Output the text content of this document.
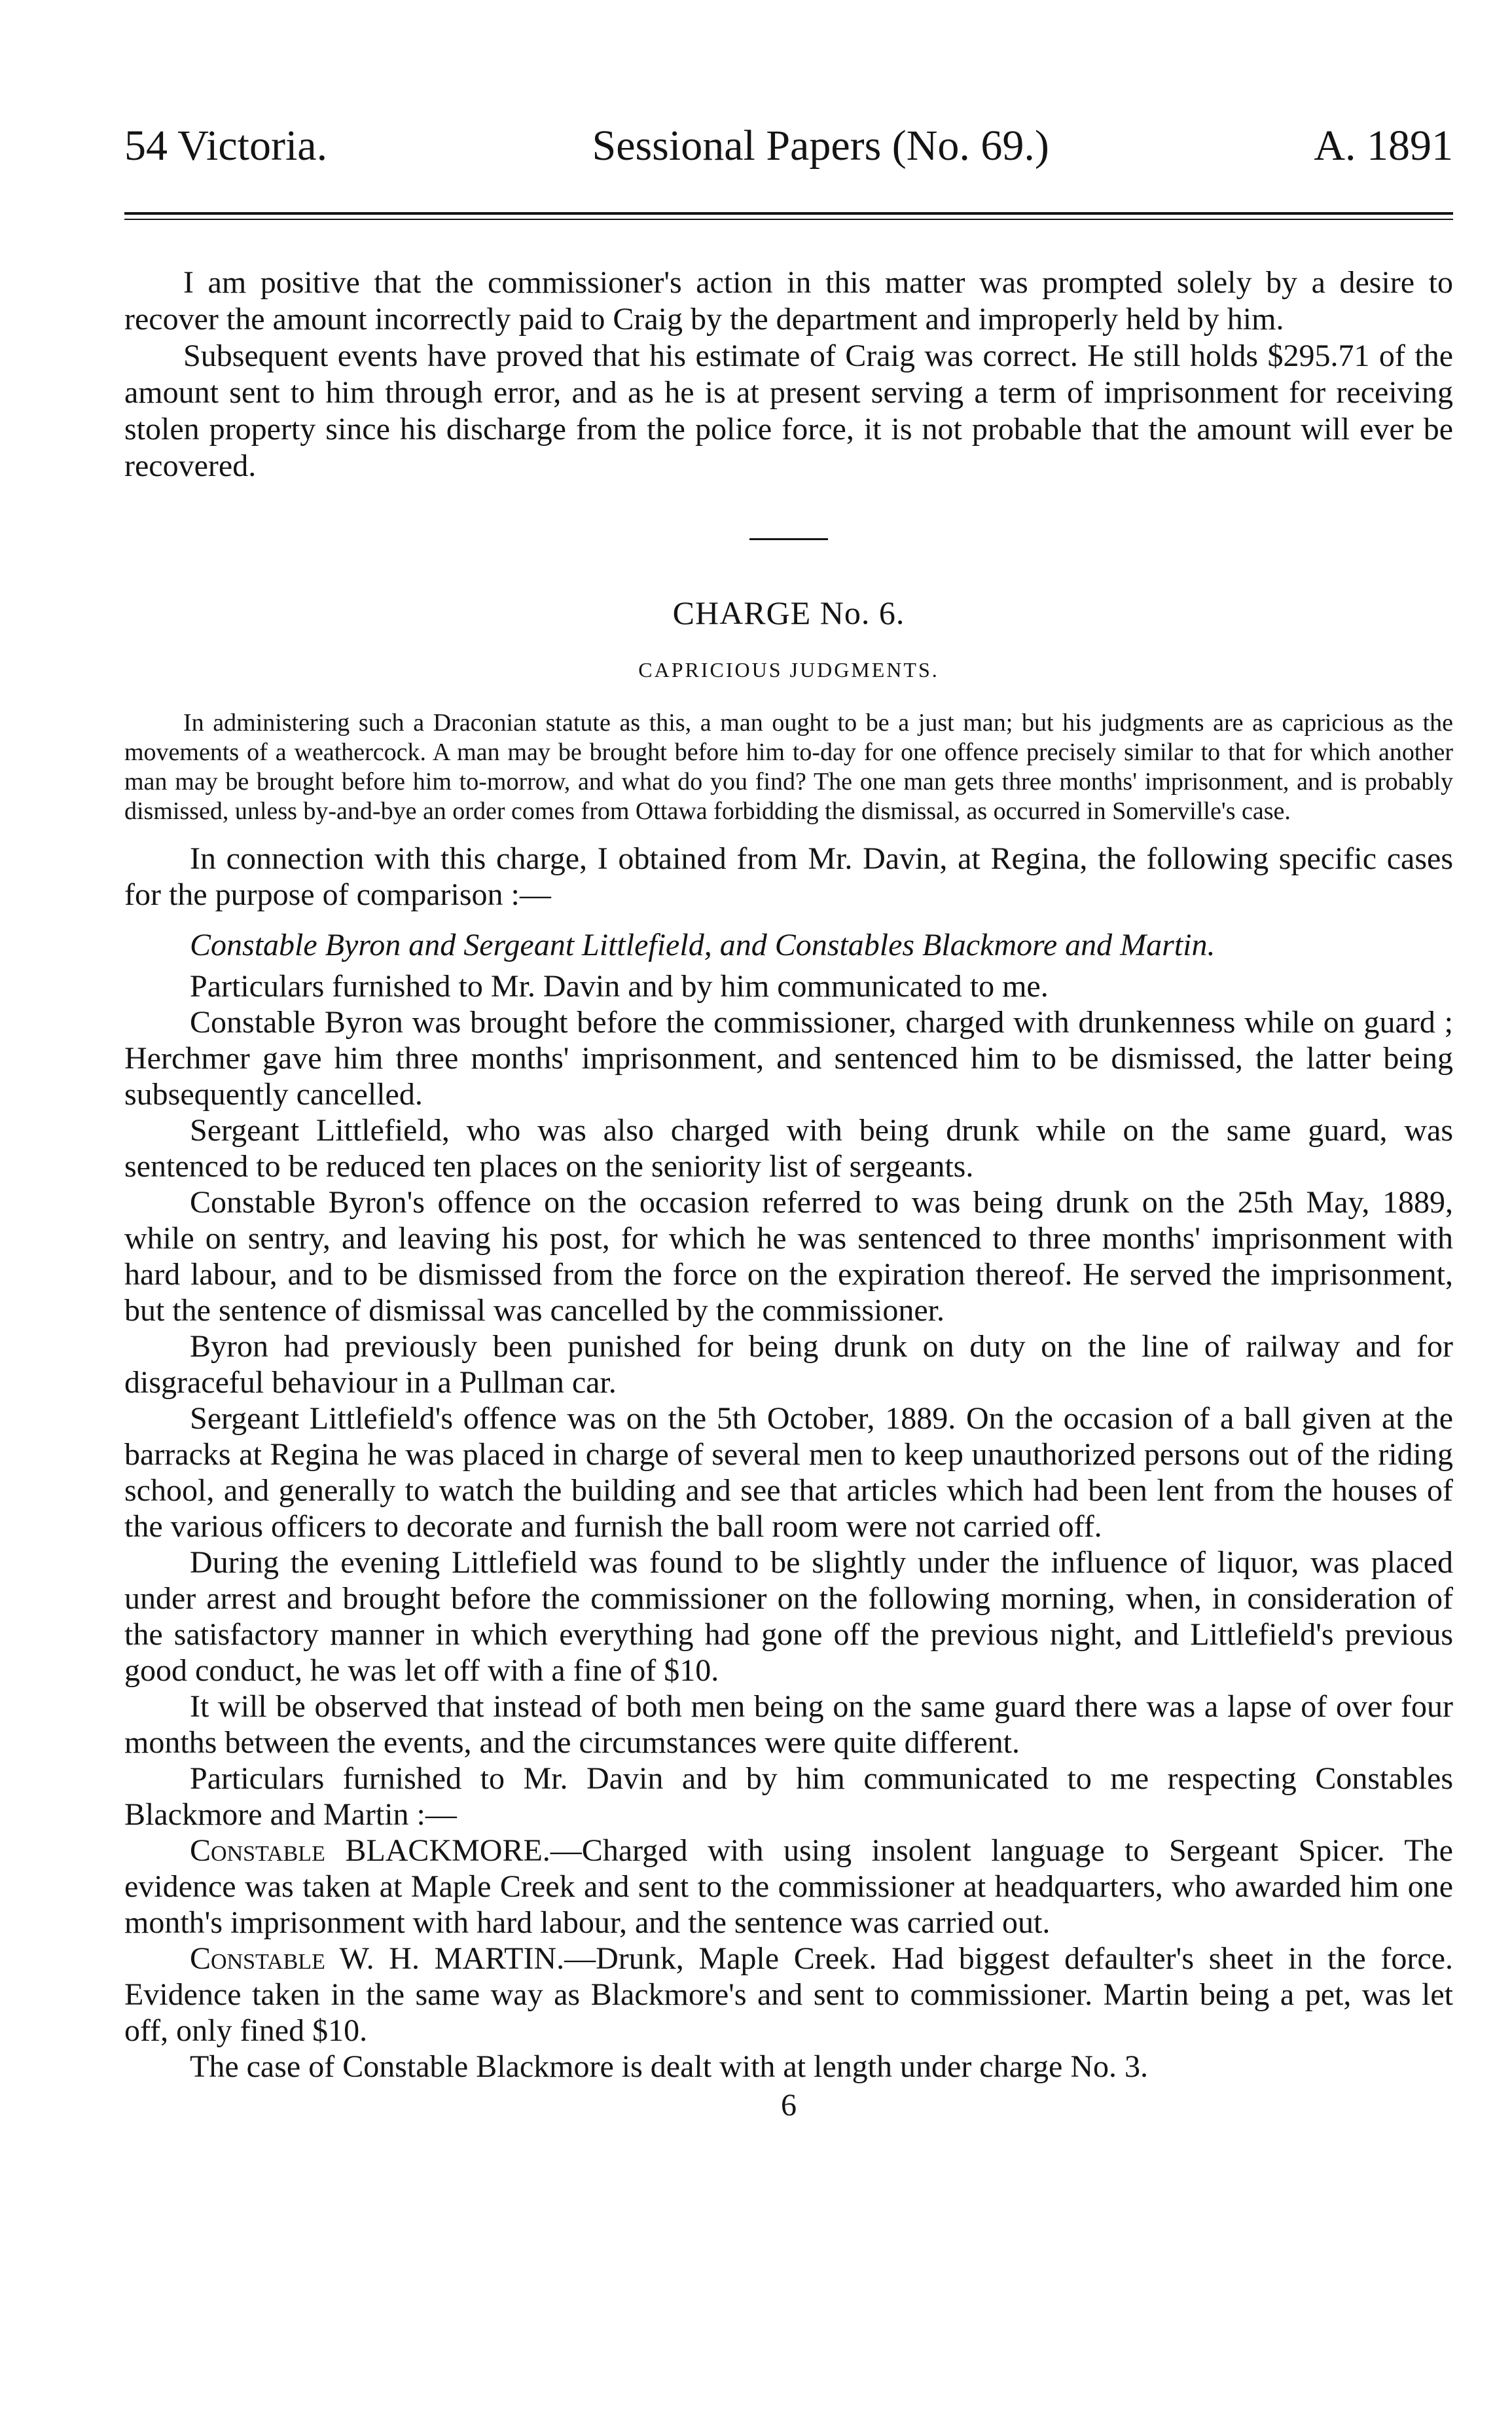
54 Victoria.	Sessional Papers (No. 69.)	A. 1891

I am positive that the commissioner's action in this matter was prompted solely by a desire to recover the amount incorrectly paid to Craig by the department and improperly held by him.

Subsequent events have proved that his estimate of Craig was correct. He still holds $295.71 of the amount sent to him through error, and as he is at present serving a term of imprisonment for receiving stolen property since his discharge from the police force, it is not probable that the amount will ever be recovered.

CHARGE No. 6.
CAPRICIOUS JUDGMENTS.

In administering such a Draconian statute as this, a man ought to be a just man; but his judgments are as capricious as the movements of a weathercock. A man may be brought before him to-day for one offence precisely similar to that for which another man may be brought before him to-morrow, and what do you find? The one man gets three months' imprisonment, and is probably dismissed, unless by-and-bye an order comes from Ottawa forbidding the dismissal, as occurred in Somerville's case.

In connection with this charge, I obtained from Mr. Davin, at Regina, the following specific cases for the purpose of comparison :—

Constable Byron and Sergeant Littlefield, and Constables Blackmore and Martin.

Particulars furnished to Mr. Davin and by him communicated to me.

Constable Byron was brought before the commissioner, charged with drunkenness while on guard ; Herchmer gave him three months' imprisonment, and sentenced him to be dismissed, the latter being subsequently cancelled.

Sergeant Littlefield, who was also charged with being drunk while on the same guard, was sentenced to be reduced ten places on the seniority list of sergeants.

Constable Byron's offence on the occasion referred to was being drunk on the 25th May, 1889, while on sentry, and leaving his post, for which he was sentenced to three months' imprisonment with hard labour, and to be dismissed from the force on the expiration thereof. He served the imprisonment, but the sentence of dismissal was cancelled by the commissioner.

Byron had previously been punished for being drunk on duty on the line of railway and for disgraceful behaviour in a Pullman car.

Sergeant Littlefield's offence was on the 5th October, 1889. On the occasion of a ball given at the barracks at Regina he was placed in charge of several men to keep unauthorized persons out of the riding school, and generally to watch the building and see that articles which had been lent from the houses of the various officers to decorate and furnish the ball room were not carried off.

During the evening Littlefield was found to be slightly under the influence of liquor, was placed under arrest and brought before the commissioner on the following morning, when, in consideration of the satisfactory manner in which everything had gone off the previous night, and Littlefield's previous good conduct, he was let off with a fine of $10.

It will be observed that instead of both men being on the same guard there was a lapse of over four months between the events, and the circumstances were quite different.

Particulars furnished to Mr. Davin and by him communicated to me respecting Constables Blackmore and Martin :—

Constable BLACKMORE.—Charged with using insolent language to Sergeant Spicer. The evidence was taken at Maple Creek and sent to the commissioner at headquarters, who awarded him one month's imprisonment with hard labour, and the sentence was carried out.

Constable W. H. MARTIN.—Drunk, Maple Creek. Had biggest defaulter's sheet in the force. Evidence taken in the same way as Blackmore's and sent to commissioner. Martin being a pet, was let off, only fined $10.

The case of Constable Blackmore is dealt with at length under charge No. 3.

6
